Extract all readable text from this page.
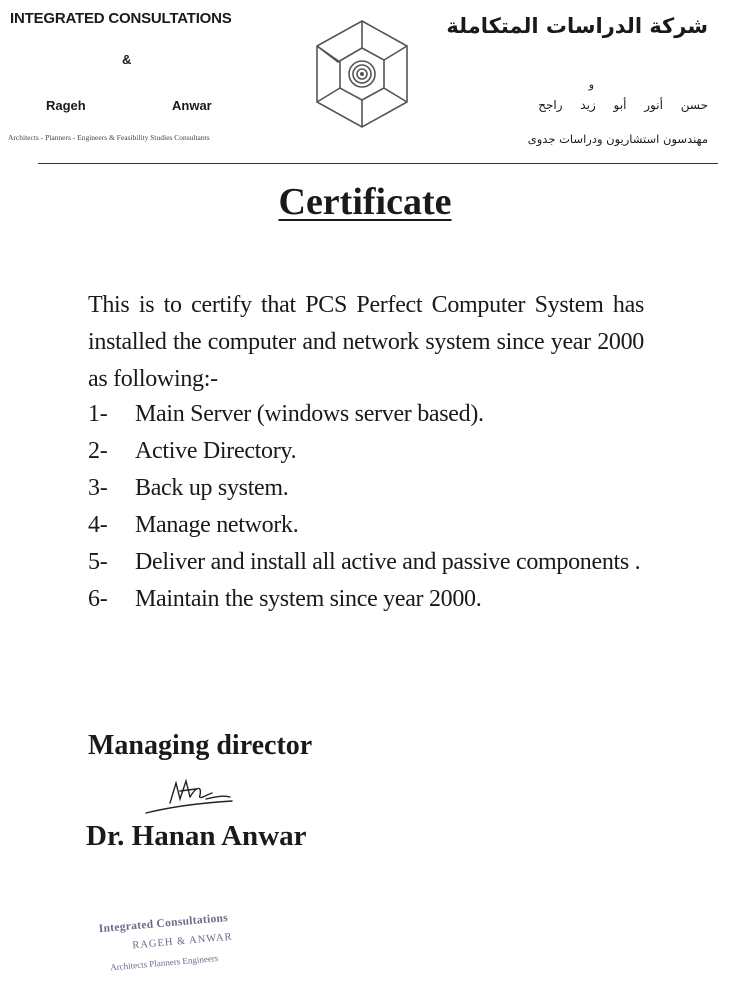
INTEGRATED CONSULTATIONS
&
Rageh	Anwar
Architects - Planners - Engineers & Feasibility Studies Consultants
شركة الدراسات المتكاملة
و
حسن أنور أبو زيد راجح
مهندسون استشاريون ودراسات جدوى
Certificate
This is to certify that PCS Perfect Computer System has installed the computer and network system since year 2000 as following:-
1-	Main Server (windows server based).
2-	Active Directory.
3-	Back up system.
4-	Manage network.
5-	Deliver and install all active and passive components .
6-	Maintain the system since year 2000.
Managing director
Dr. Hanan Anwar
Integrated Consultations
RAGEH & ANWAR
Architects Planners Engineers
